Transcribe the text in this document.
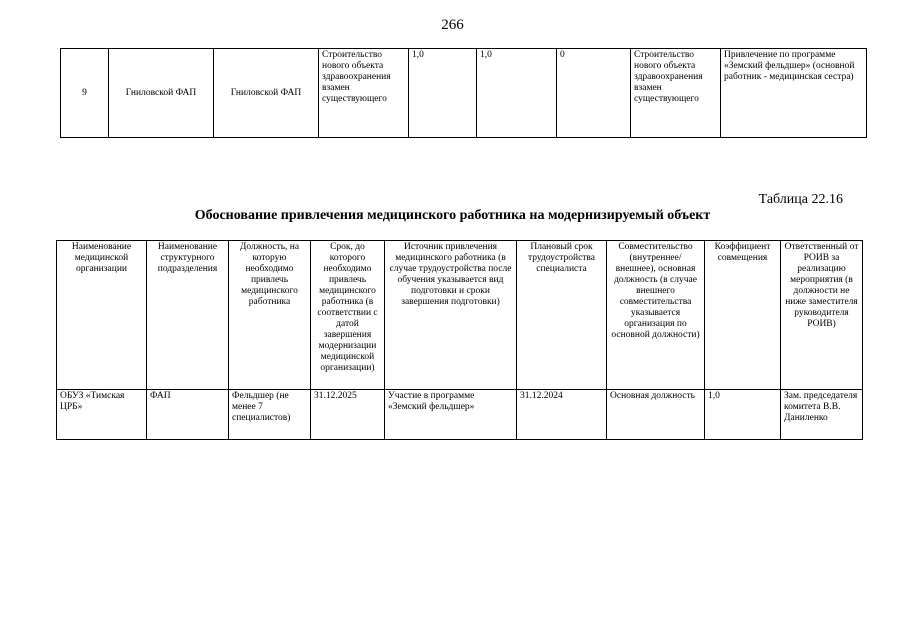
266
9	Гниловской ФАП	Гниловской ФАП	Строительство нового объекта здравоохранения взамен существующего	1,0	1,0	0	Строительство нового объекта здравоохранения взамен существующего	Привлечение по программе «Земский фельдшер» (основной работник - медицинская сестра)
Таблица 22.16
Обоснование привлечения медицинского работника на модернизируемый объект
Наименование медицинской организации	Наименование структурного подразделения	Должность, на которую необходимо привлечь медицинского работника	Срок, до которого необходимо привлечь медицинского работника (в соответствии с датой завершения модернизации медицинской организации)	Источник привлечения медицинского работника (в случае трудоустройства после обучения указывается вид подготовки и сроки завершения подготовки)	Плановый срок трудоустройства специалиста	Совместительство (внутреннее/внешнее), основная должность (в случае внешнего совместительства указывается организация по основной должности)	Коэффициент совмещения	Ответственный от РОИВ за реализацию мероприятия (в должности не ниже заместителя руководителя РОИВ)
ОБУЗ «Тимская ЦРБ»	ФАП	Фельдшер (не менее 7 специалистов)	31.12.2025	Участие в программе «Земский фельдшер»	31.12.2024	Основная должность	1,0	Зам. председателя комитета В.В. Даниленко
